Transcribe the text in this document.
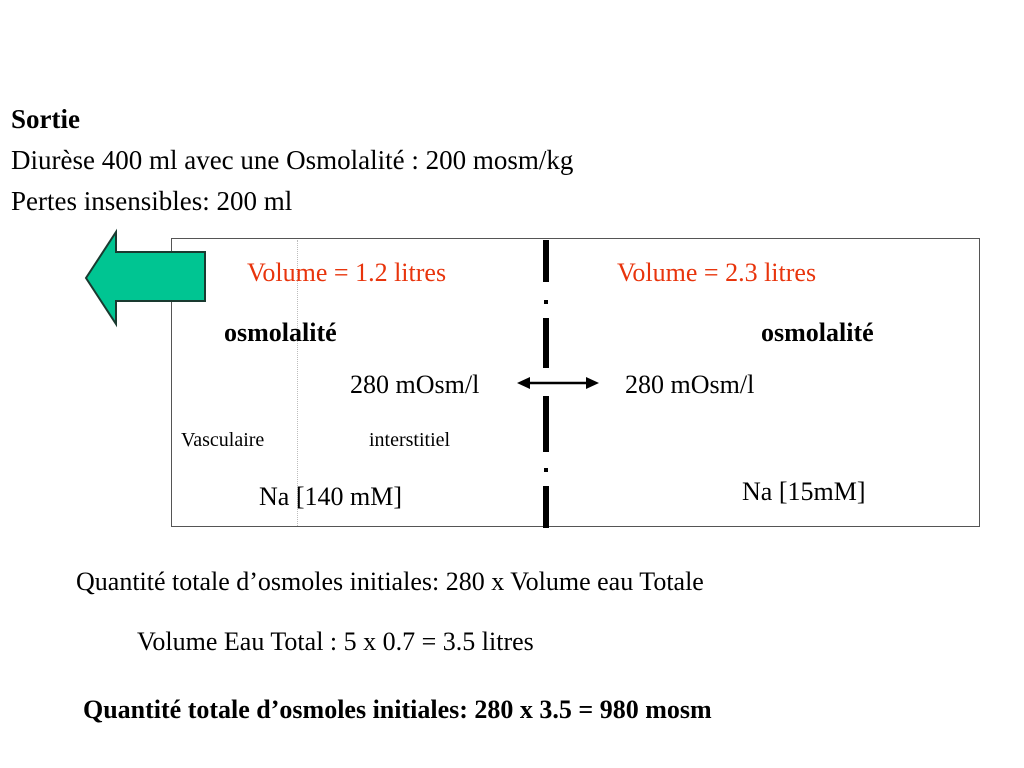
Sortie
Diurèse 400 ml avec une Osmolalité : 200 mosm/kg
Pertes insensibles: 200 ml
Volume = 1.2 litres
osmolalité
280 mOsm/l
Vasculaire	interstitiel
Na [140 mM]
Volume = 2.3 litres
osmolalité
280 mOsm/l
Na [15mM]
Quantité totale d’osmoles initiales: 280 x Volume eau Totale
Volume Eau Total : 5 x 0.7 = 3.5 litres
Quantité totale d’osmoles initiales: 280 x 3.5 = 980 mosm
